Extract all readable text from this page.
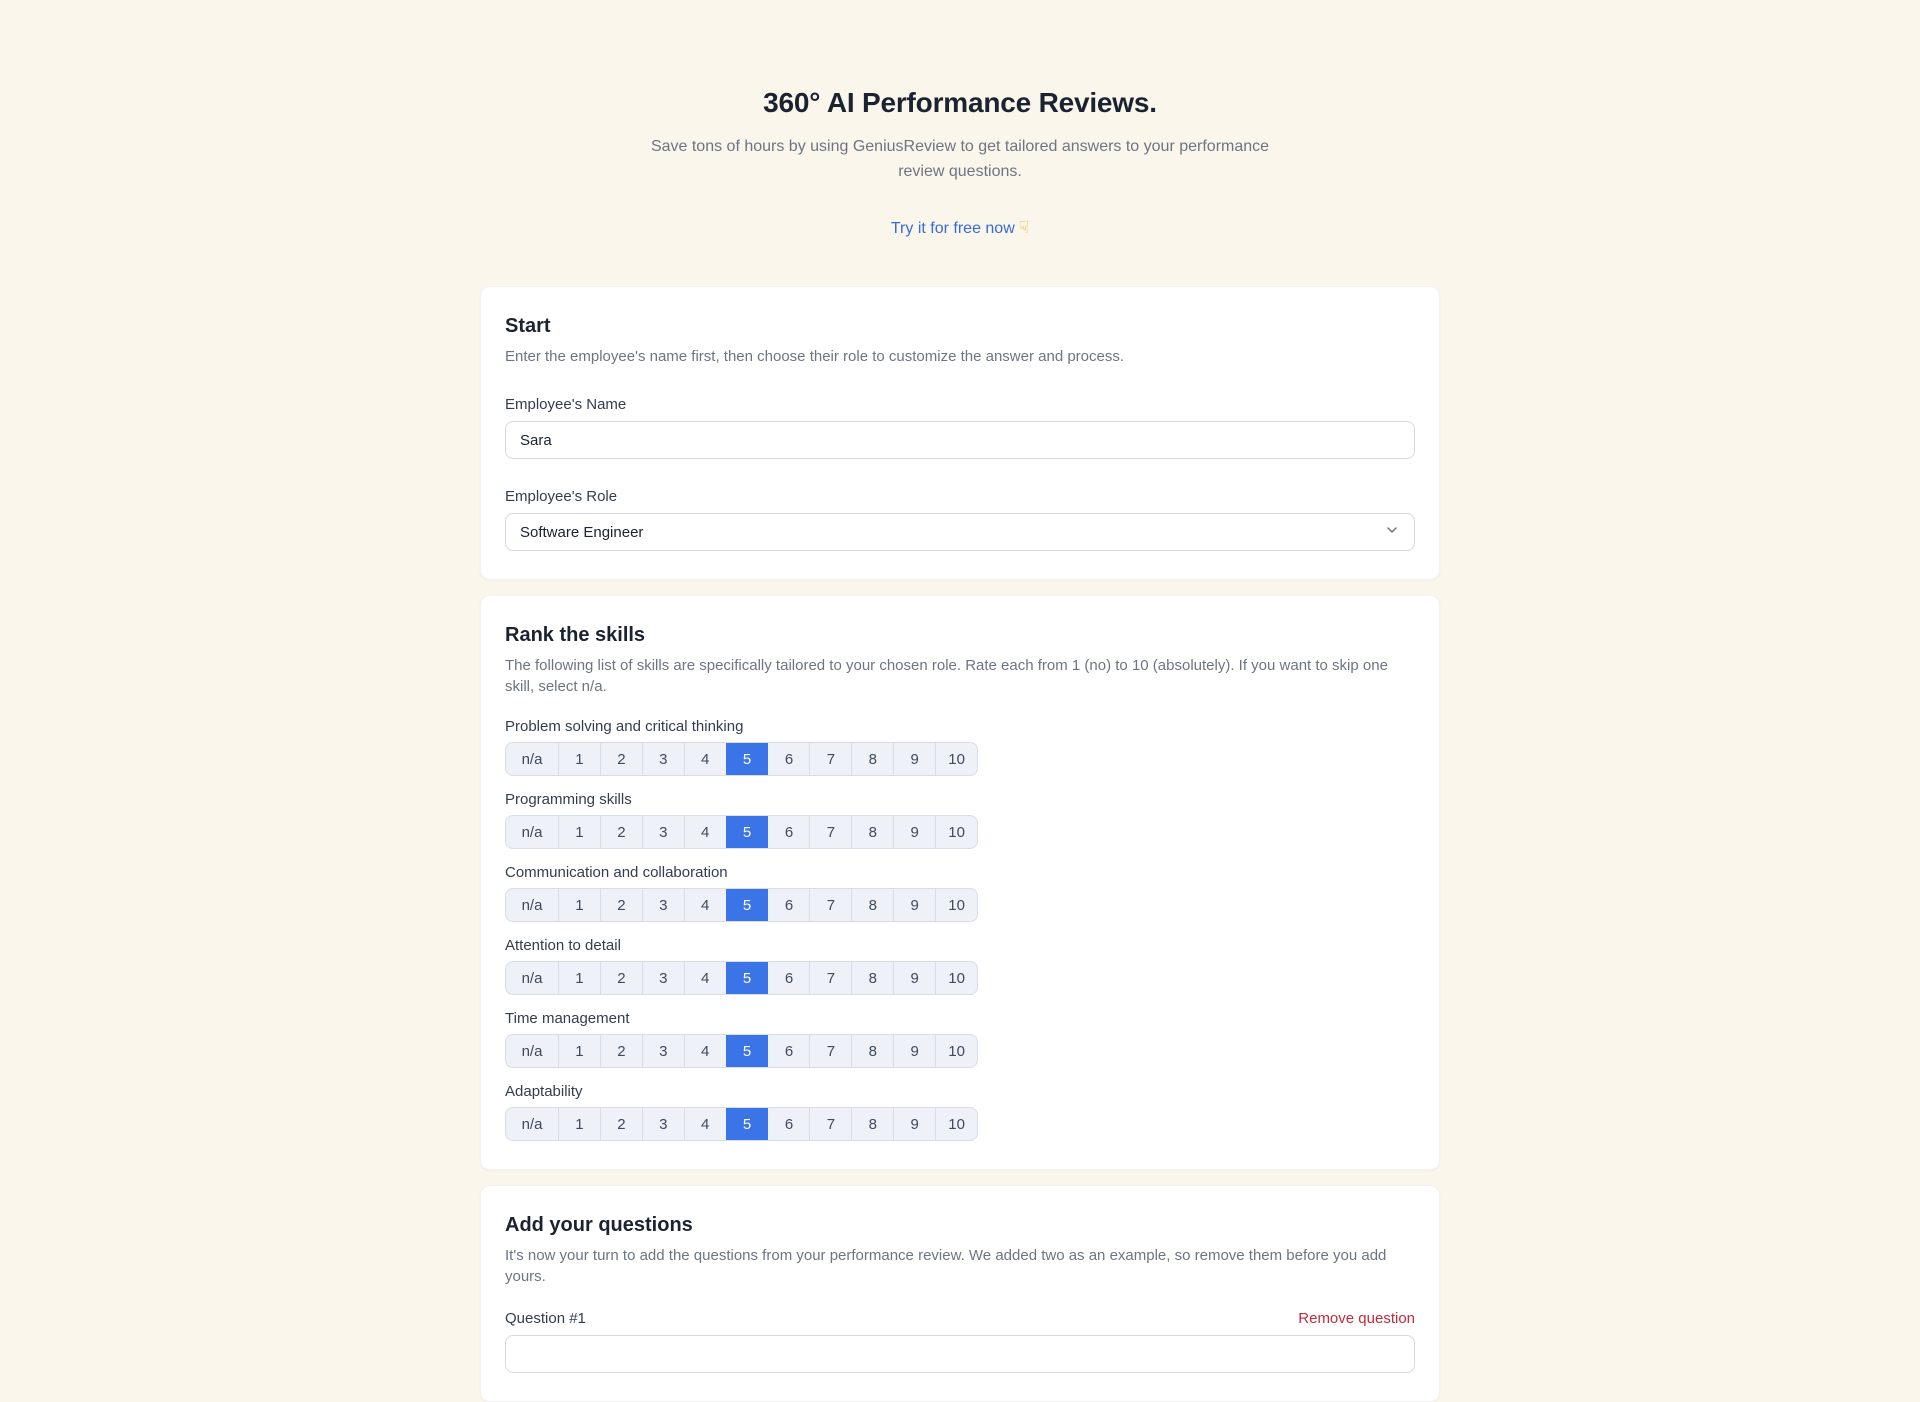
360° AI Performance Reviews.

Save tons of hours by using GeniusReview to get tailored answers to your performance review questions.

Try it for free now ☟
Start

Enter the employee's name first, then choose their role to customize the answer and process.

Employee's Name
Sara
Employee's Role
Software Engineer
Rank the skills

The following list of skills are specifically tailored to your chosen role. Rate each from 1 (no) to 10 (absolutely). If you want to skip one skill, select n/a.

Problem solving and critical thinking
n/a	1	2	3	4	5	6	7	8	9	10
Programming skills
n/a	1	2	3	4	5	6	7	8	9	10
Communication and collaboration
n/a	1	2	3	4	5	6	7	8	9	10
Attention to detail
n/a	1	2	3	4	5	6	7	8	9	10
Time management
n/a	1	2	3	4	5	6	7	8	9	10
Adaptability
n/a	1	2	3	4	5	6	7	8	9	10
Add your questions

It's now your turn to add the questions from your performance review. We added two as an example, so remove them before you add yours.

Question #1	Remove question
